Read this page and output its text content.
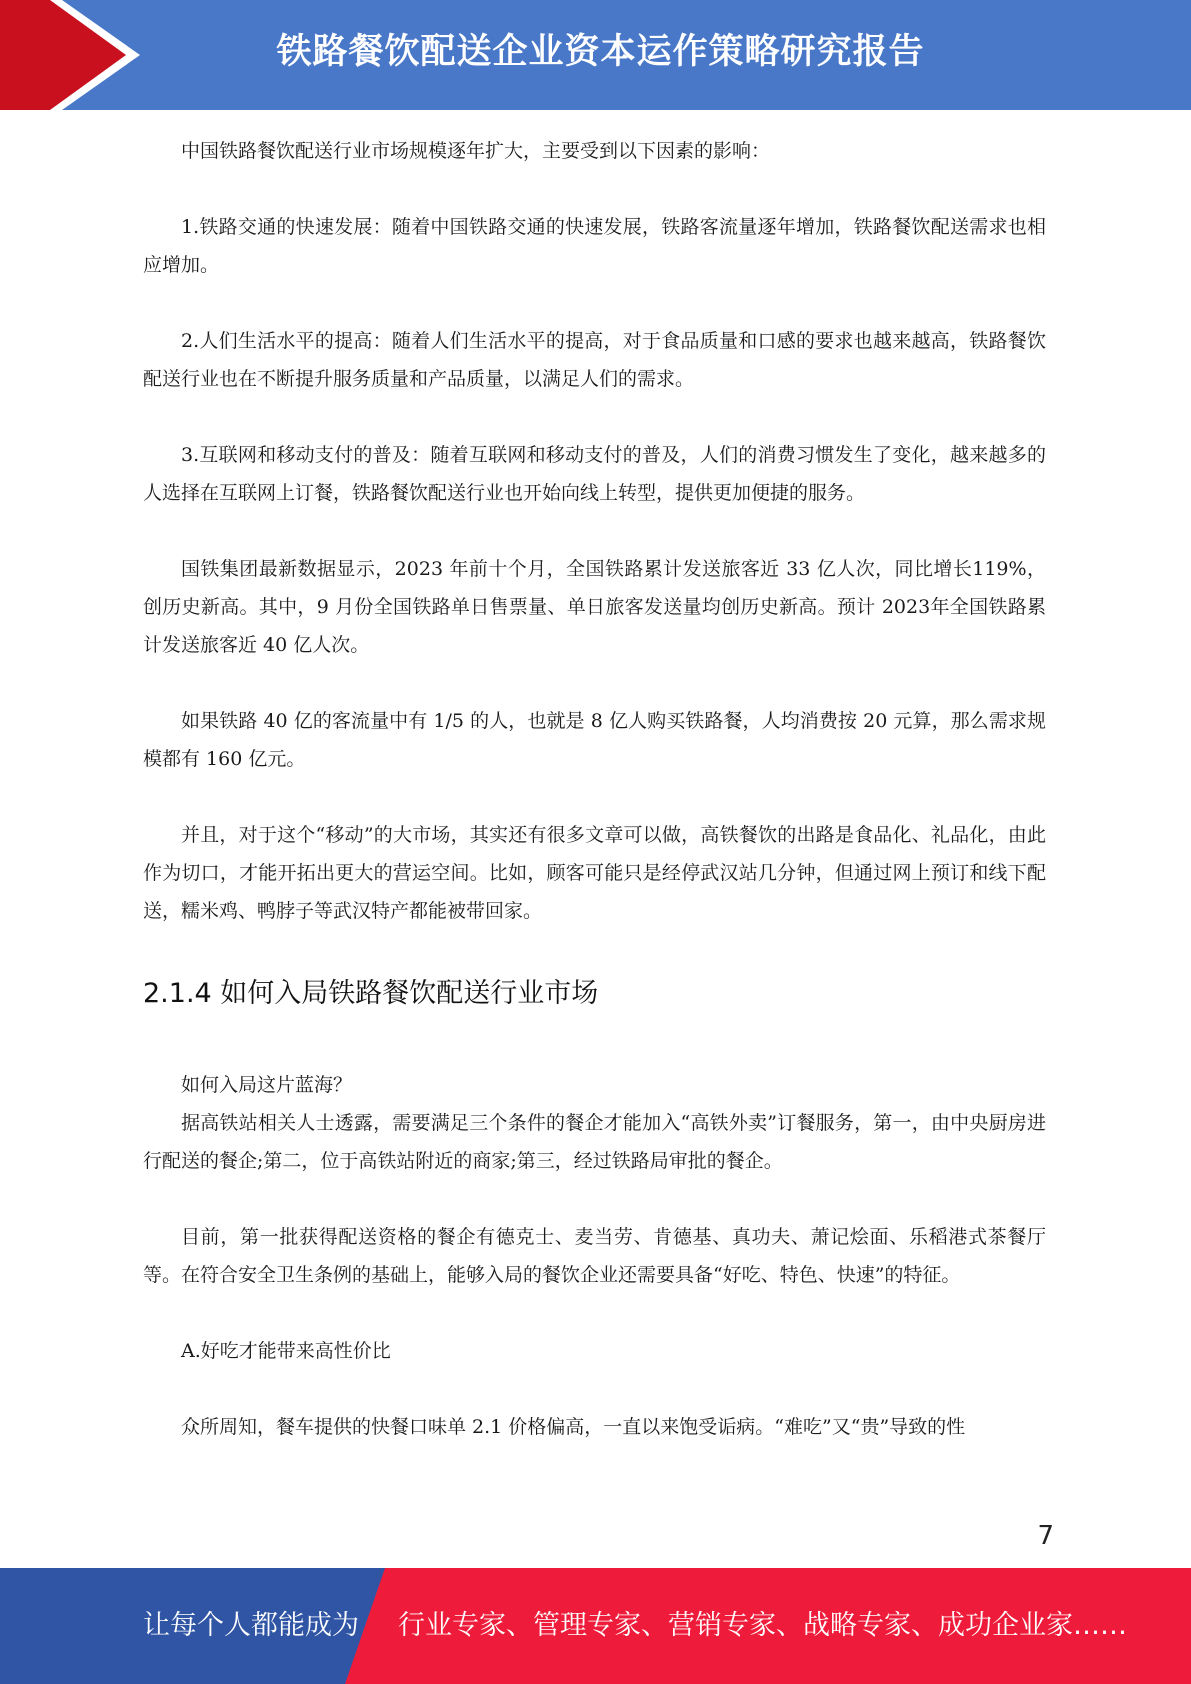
铁路餐饮配送企业资本运作策略研究报告

中国铁路餐饮配送行业市场规模逐年扩大，主要受到以下因素的影响：

1.铁路交通的快速发展：随着中国铁路交通的快速发展，铁路客流量逐年增加，铁路餐饮配送需求也相应增加。

2.人们生活水平的提高：随着人们生活水平的提高，对于食品质量和口感的要求也越来越高，铁路餐饮配送行业也在不断提升服务质量和产品质量，以满足人们的需求。

3.互联网和移动支付的普及：随着互联网和移动支付的普及，人们的消费习惯发生了变化，越来越多的人选择在互联网上订餐，铁路餐饮配送行业也开始向线上转型，提供更加便捷的服务。

国铁集团最新数据显示，2023 年前十个月，全国铁路累计发送旅客近 33 亿人次，同比增长119%，创历史新高。其中，9 月份全国铁路单日售票量、单日旅客发送量均创历史新高。预计 2023年全国铁路累计发送旅客近 40 亿人次。

如果铁路 40 亿的客流量中有 1/5 的人，也就是 8 亿人购买铁路餐，人均消费按 20 元算，那么需求规模都有 160 亿元。

并且，对于这个“移动”的大市场，其实还有很多文章可以做，高铁餐饮的出路是食品化、礼品化，由此作为切口，才能开拓出更大的营运空间。比如，顾客可能只是经停武汉站几分钟，但通过网上预订和线下配送，糯米鸡、鸭脖子等武汉特产都能被带回家。

2.1.4 如何入局铁路餐饮配送行业市场

如何入局这片蓝海？

据高铁站相关人士透露，需要满足三个条件的餐企才能加入“高铁外卖”订餐服务，第一，由中央厨房进行配送的餐企;第二，位于高铁站附近的商家;第三，经过铁路局审批的餐企。

目前，第一批获得配送资格的餐企有德克士、麦当劳、肯德基、真功夫、萧记烩面、乐稻港式茶餐厅等。在符合安全卫生条例的基础上，能够入局的餐饮企业还需要具备“好吃、特色、快速”的特征。

A.好吃才能带来高性价比

众所周知，餐车提供的快餐口味单 2.1 价格偏高，一直以来饱受诟病。“难吃”又“贵”导致的性

7
让每个人都能成为 行业专家、管理专家、营销专家、战略专家、成功企业家……
